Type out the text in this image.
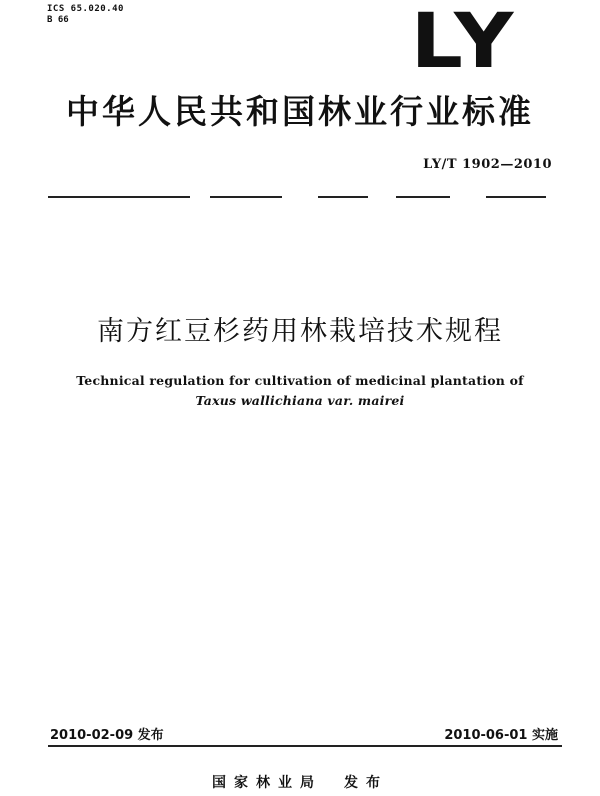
ICS 65.020.40
B 66	LY
中华人民共和国林业行业标准
LY/T 1902—2010
南方红豆杉药用林栽培技术规程
Technical regulation for cultivation of medicinal plantation of
Taxus wallichiana var. mairei
2010-02-09 发布	2010-06-01 实施
国家林业局 发布
